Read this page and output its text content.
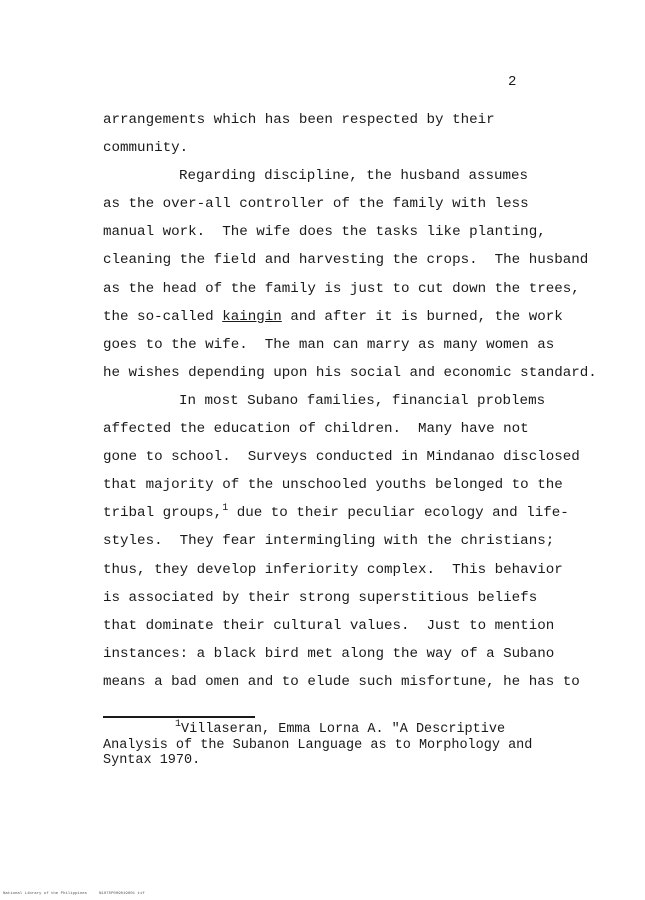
2
arrangements which has been respected by their
community.
Regarding discipline, the husband assumes
as the over-all controller of the family with less
manual work.  The wife does the tasks like planting,
cleaning the field and harvesting the crops.  The husband
as the head of the family is just to cut down the trees,
the so-called kaingin and after it is burned, the work
goes to the wife.  The man can marry as many women as
he wishes depending upon his social and economic standard.
In most Subano families, financial problems
affected the education of children.  Many have not
gone to school.  Surveys conducted in Mindanao disclosed
that majority of the unschooled youths belonged to the
tribal groups,$^1$ due to their peculiar ecology and life-
styles.  They fear intermingling with the christians;
thus, they develop inferiority complex.  This behavior
is associated by their strong superstitious beliefs
that dominate their cultural values.  Just to mention
instances: a black bird met along the way of a Subano
means a bad omen and to elude such misfortune, he has to
$^1$Villaseran, Emma Lorna A. "A Descriptive
Analysis of the Subanon Language as to Morphology and
Syntax 1970.
National Library of the Philippines     N1075P009019001 tif
